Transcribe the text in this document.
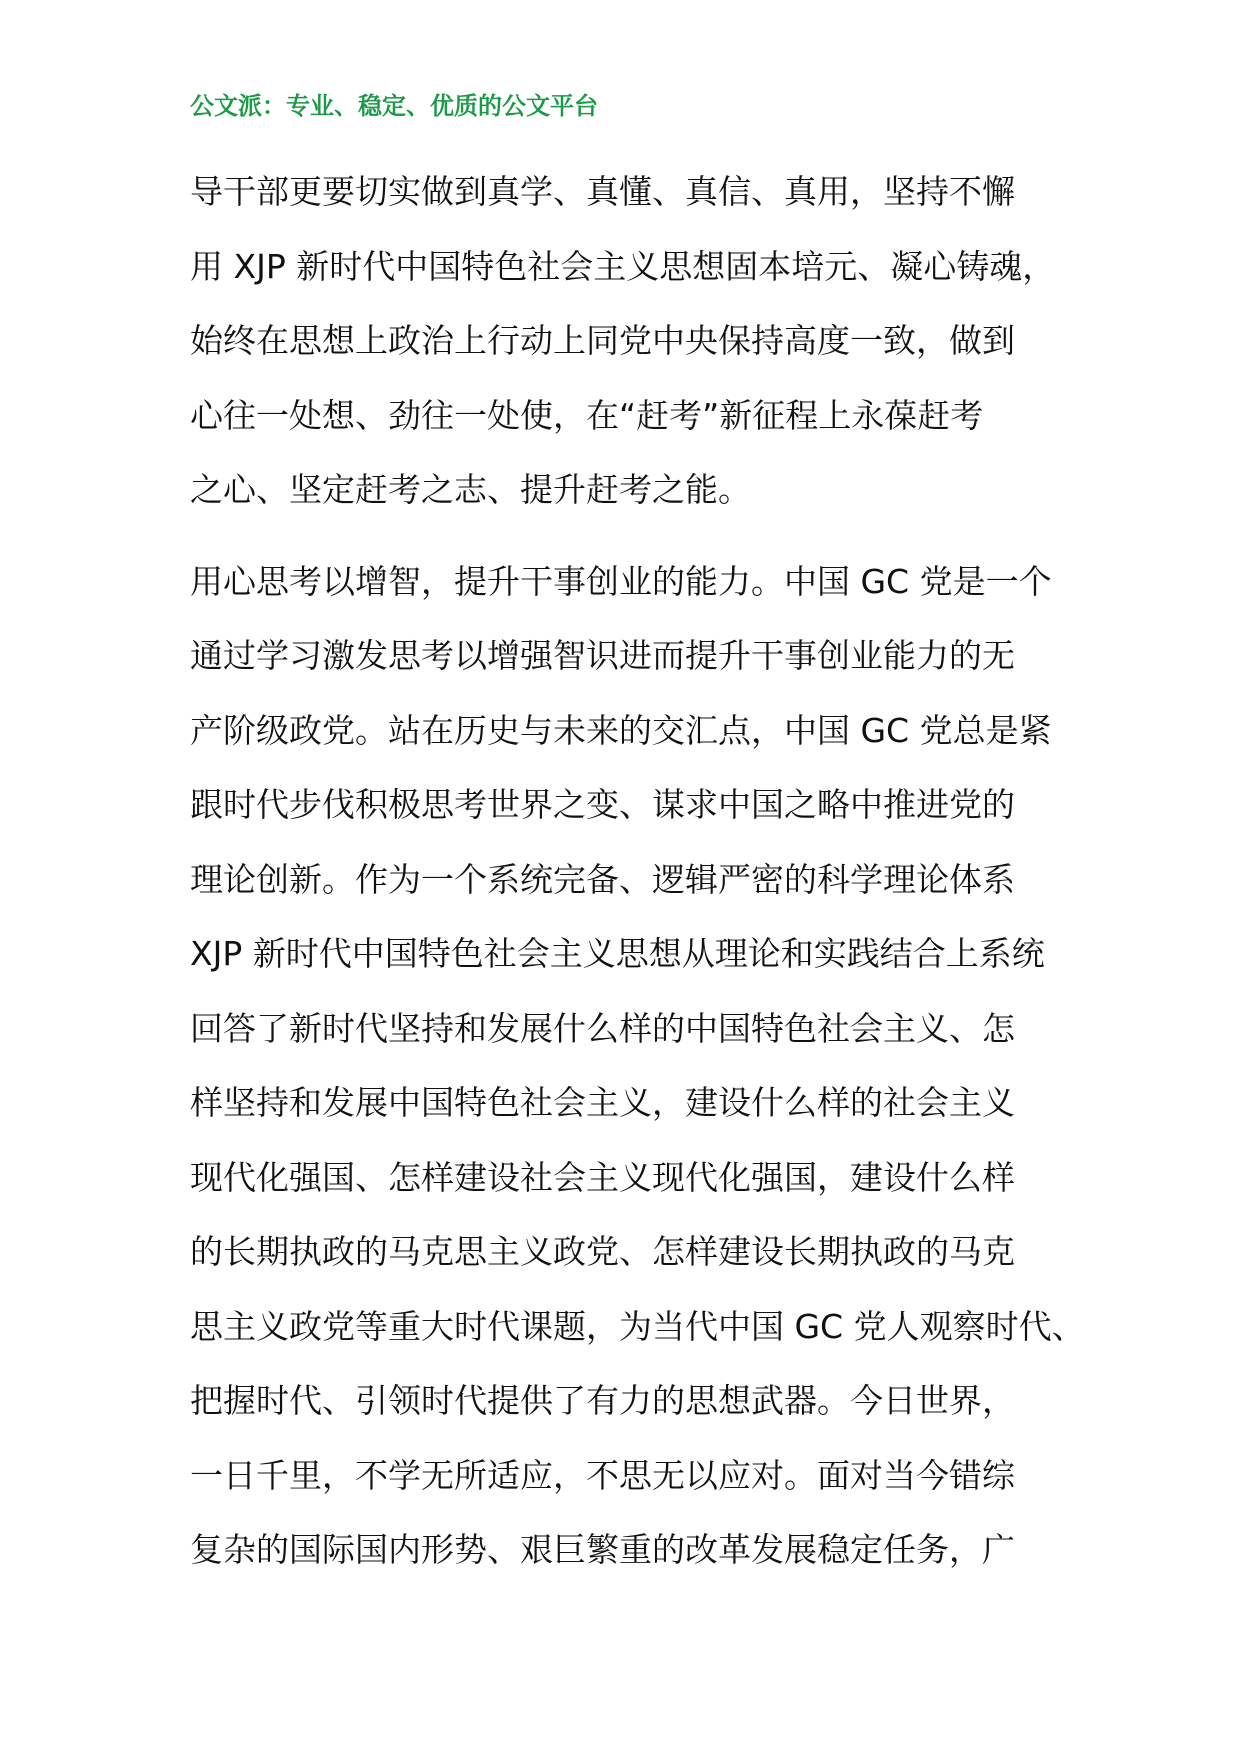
公文派：专业、稳定、优质的公文平台
导干部更要切实做到真学、真懂、真信、真用，坚持不懈
用 XJP 新时代中国特色社会主义思想固本培元、凝心铸魂，
始终在思想上政治上行动上同党中央保持高度一致，做到
心往一处想、劲往一处使，在“赶考”新征程上永葆赶考
之心、坚定赶考之志、提升赶考之能。
用心思考以增智，提升干事创业的能力。中国 GC 党是一个
通过学习激发思考以增强智识进而提升干事创业能力的无
产阶级政党。站在历史与未来的交汇点，中国 GC 党总是紧
跟时代步伐积极思考世界之变、谋求中国之略中推进党的
理论创新。作为一个系统完备、逻辑严密的科学理论体系
XJP 新时代中国特色社会主义思想从理论和实践结合上系统
回答了新时代坚持和发展什么样的中国特色社会主义、怎
样坚持和发展中国特色社会主义，建设什么样的社会主义
现代化强国、怎样建设社会主义现代化强国，建设什么样
的长期执政的马克思主义政党、怎样建设长期执政的马克
思主义政党等重大时代课题，为当代中国 GC 党人观察时代、
把握时代、引领时代提供了有力的思想武器。今日世界，
一日千里，不学无所适应，不思无以应对。面对当今错综
复杂的国际国内形势、艰巨繁重的改革发展稳定任务，广
